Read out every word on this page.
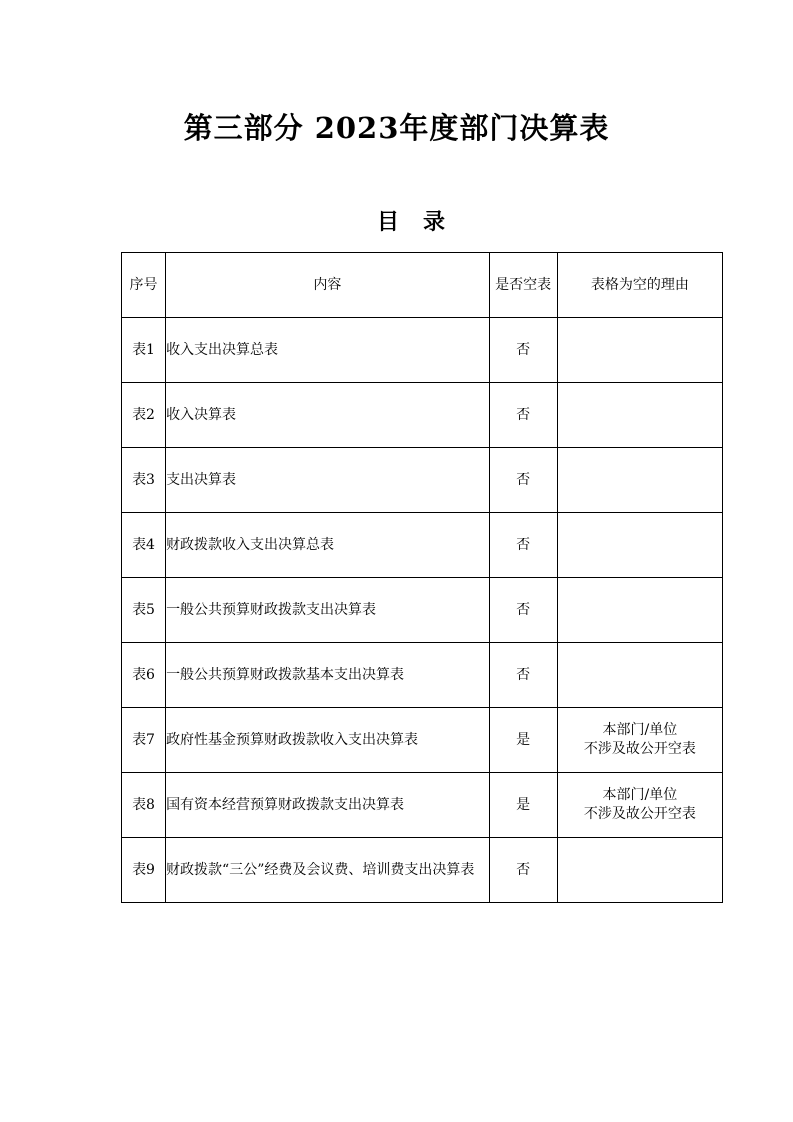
第三部分 2023年度部门决算表
目录
序号	内容	是否空表	表格为空的理由
表1	收入支出决算总表	否	

表2	收入决算表	否	

表3	支出决算表	否	

表4	财政拨款收入支出决算总表	否	

表5	一般公共预算财政拨款支出决算表	否	

表6	一般公共预算财政拨款基本支出决算表	否	

表7	政府性基金预算财政拨款收入支出决算表	是	本部门/单位
不涉及故公开空表
表8	国有资本经营预算财政拨款支出决算表	是	本部门/单位
不涉及故公开空表
表9	财政拨款“三公”经费及会议费、培训费支出决算表	否	
